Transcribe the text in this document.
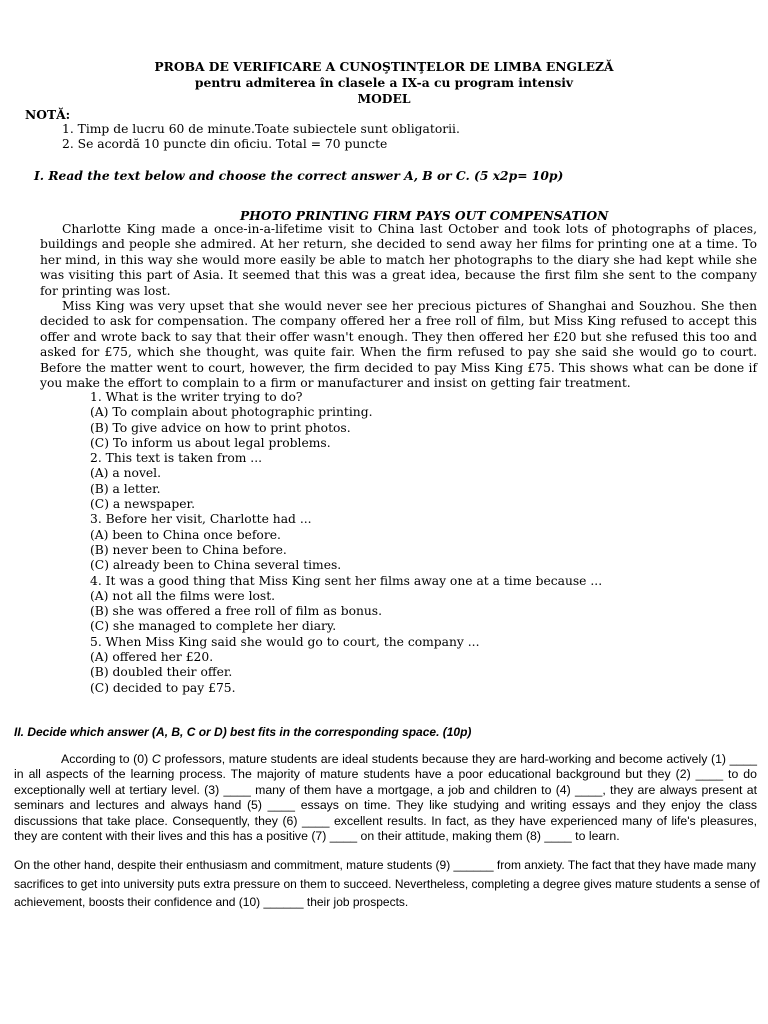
PROBA DE VERIFICARE A CUNOŞTINŢELOR DE LIMBA ENGLEZĂ
pentru admiterea în clasele a IX-a cu program intensiv
MODEL
NOTĂ:
1. Timp de lucru 60 de minute.Toate subiectele sunt obligatorii.
2. Se acordă 10 puncte din oficiu. Total = 70 puncte
I. Read the text below and choose the correct answer A, B or C. (5 x2p= 10p)
PHOTO PRINTING FIRM PAYS OUT COMPENSATION

Charlotte King made a once-in-a-lifetime visit to China last October and took lots of photographs of places, buildings and people she admired. At her return, she decided to send away her films for printing one at a time. To her mind, in this way she would more easily be able to match her photographs to the diary she had kept while she was visiting this part of Asia. It seemed that this was a great idea, because the first film she sent to the company for printing was lost.

Miss King was very upset that she would never see her precious pictures of Shanghai and Souzhou. She then decided to ask for compensation. The company offered her a free roll of film, but Miss King refused to accept this offer and wrote back to say that their offer wasn't enough. They then offered her £20 but she refused this too and asked for £75, which she thought, was quite fair. When the firm refused to pay she said she would go to court. Before the matter went to court, however, the firm decided to pay Miss King £75. This shows what can be done if you make the effort to complain to a firm or manufacturer and insist on getting fair treatment.

1. What is the writer trying to do?
(A) To complain about photographic printing.
(B) To give advice on how to print photos.
(C) To inform us about legal problems.
2. This text is taken from ...
(A) a novel.
(B) a letter.
(C) a newspaper.
3. Before her visit, Charlotte had ...
(A) been to China once before.
(B) never been to China before.
(C) already been to China several times.
4. It was a good thing that Miss King sent her films away one at a time because ...
(A) not all the films were lost.
(B) she was offered a free roll of film as bonus.
(C) she managed to complete her diary.
5. When Miss King said she would go to court, the company ...
(A) offered her £20.
(B) doubled their offer.
(C) decided to pay £75.
II. Decide which answer (A, B, C or D) best fits in the corresponding space. (10p)

According to (0) C professors, mature students are ideal students because they are hard-working and become actively (1) ____ in all aspects of the learning process. The majority of mature students have a poor educational background but they (2) ____ to do exceptionally well at tertiary level. (3) ____ many of them have a mortgage, a job and children to (4) ____, they are always present at seminars and lectures and always hand (5) ____ essays on time. They like studying and writing essays and they enjoy the class discussions that take place. Consequently, they (6) ____ excellent results. In fact, as they have experienced many of life's pleasures, they are content with their lives and this has a positive (7) ____ on their attitude, making them (8) ____ to learn.

On the other hand, despite their enthusiasm and commitment, mature students (9) ______ from anxiety. The fact that they have made many sacrifices to get into university puts extra pressure on them to succeed. Nevertheless, completing a degree gives mature students a sense of achievement, boosts their confidence and (10) ______ their job prospects.
